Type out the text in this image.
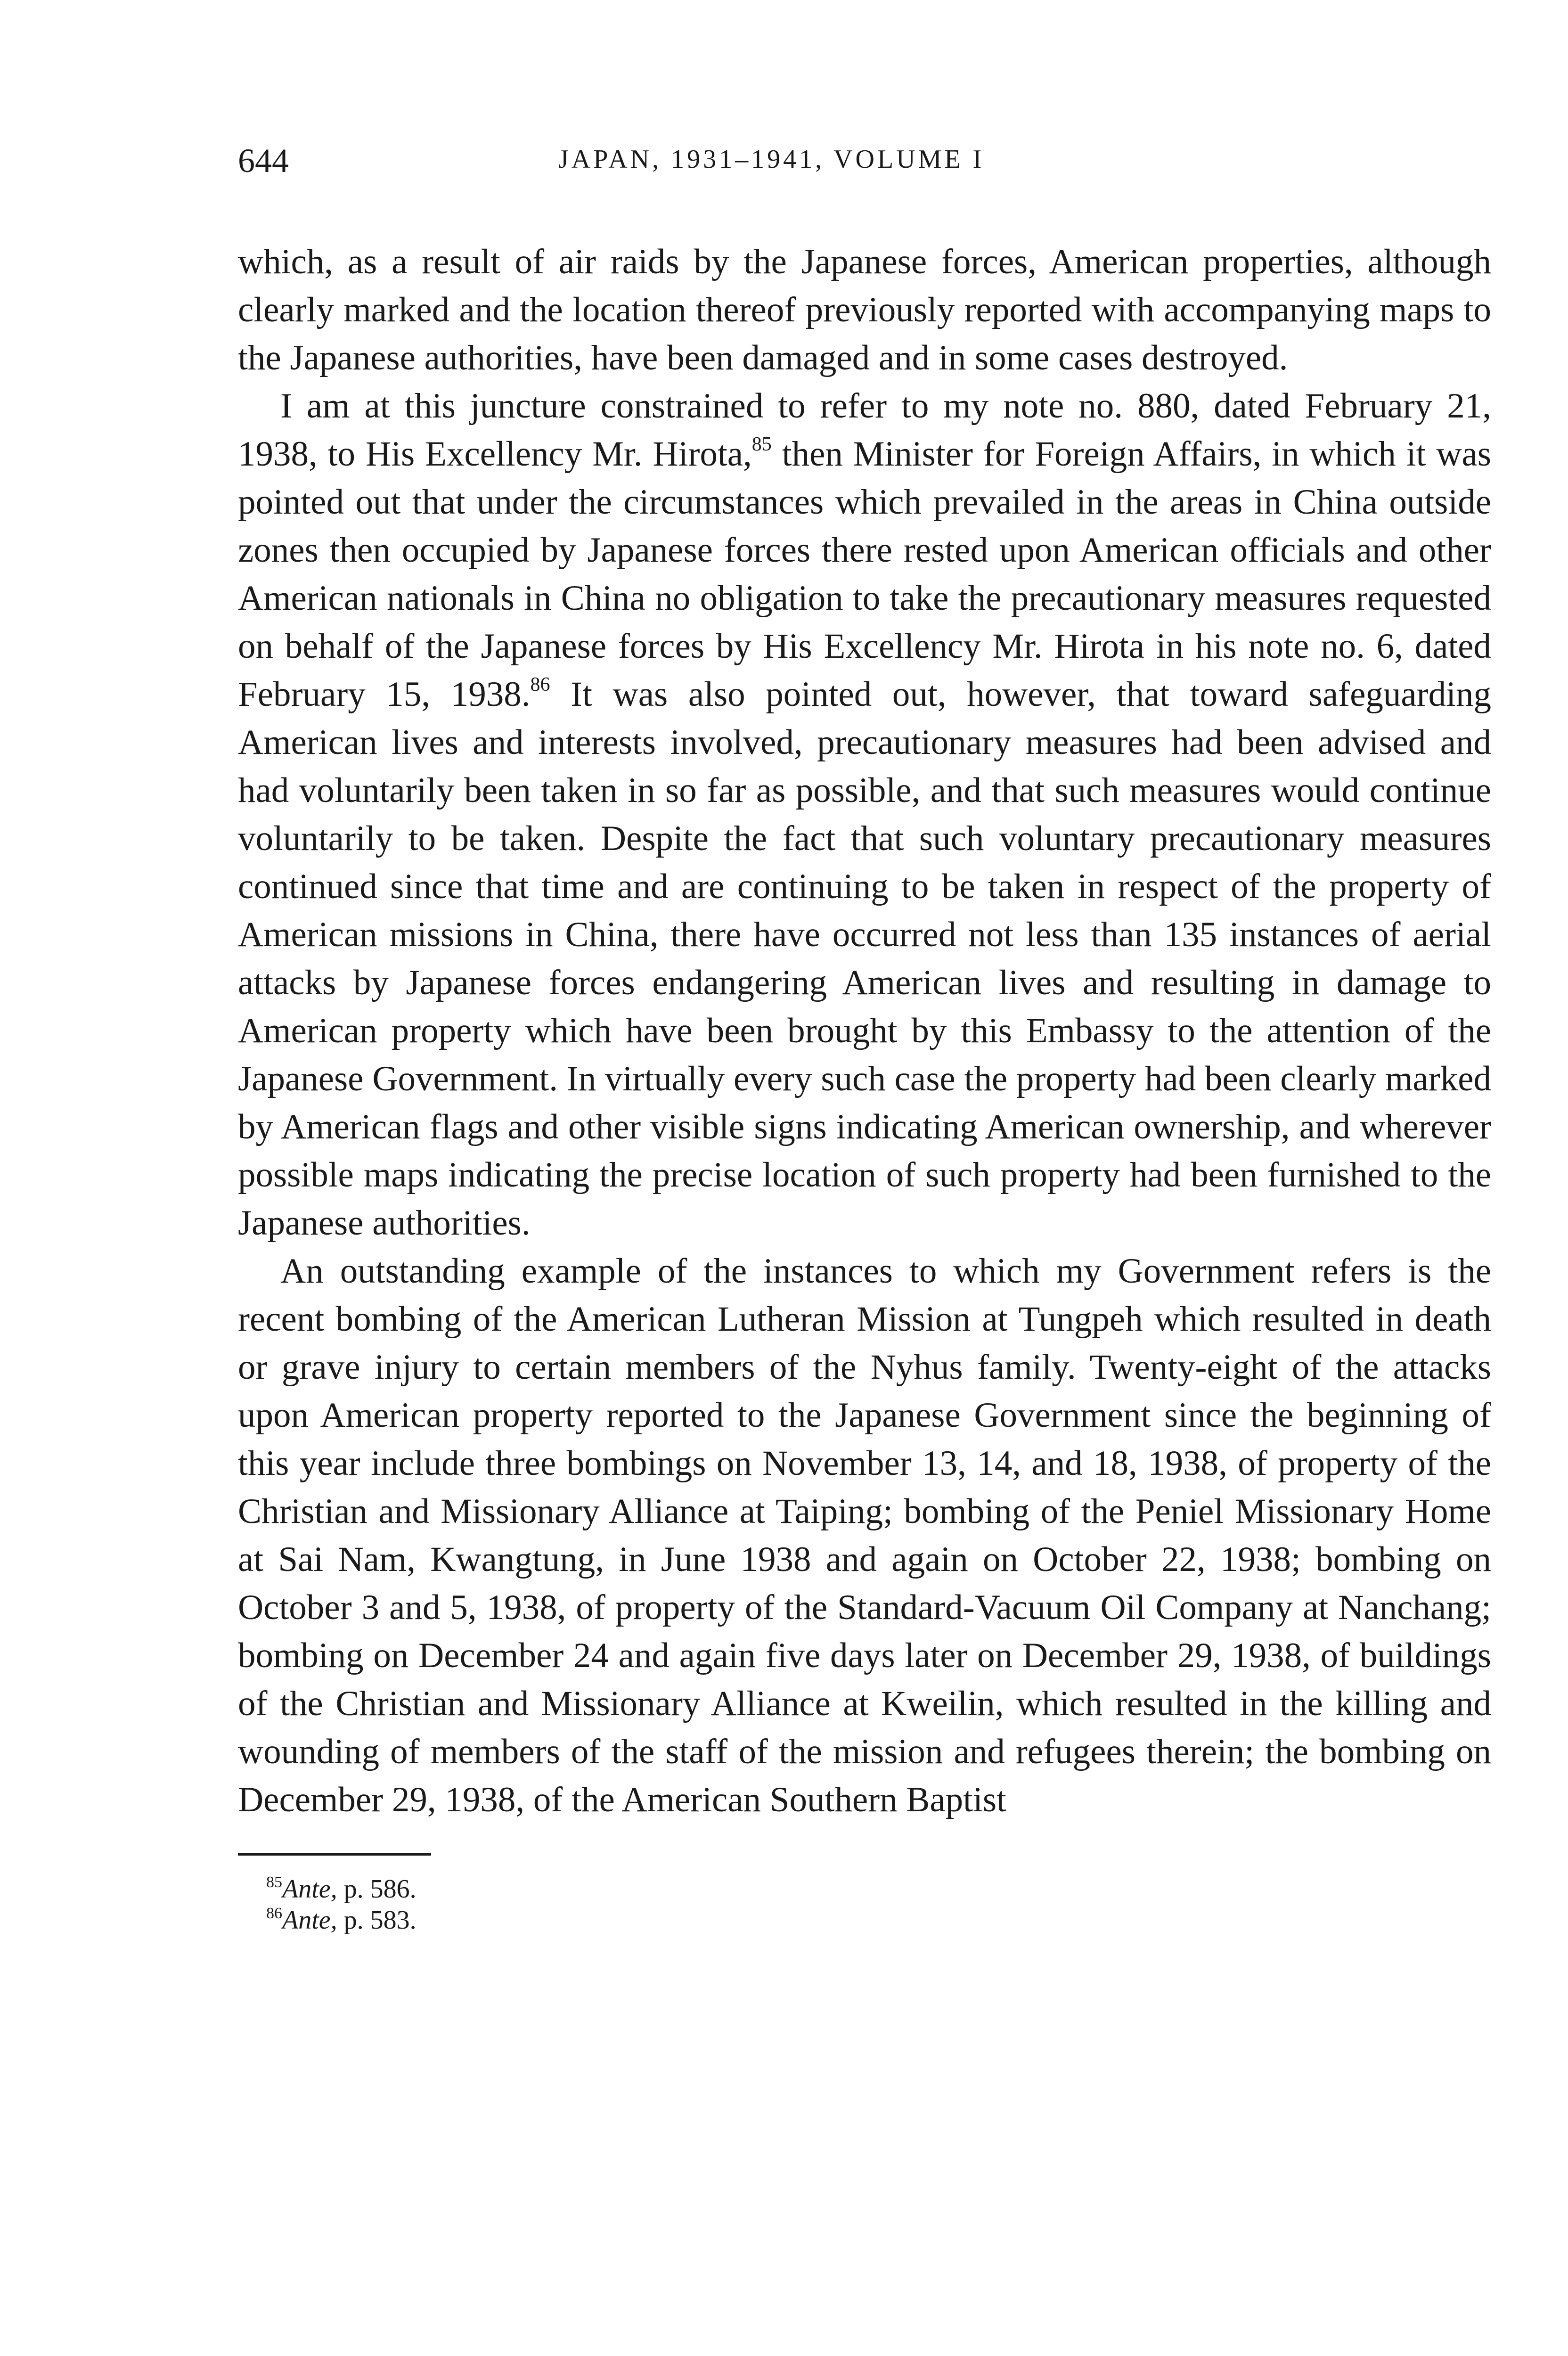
644	JAPAN, 1931–1941, VOLUME I

which, as a result of air raids by the Japanese forces, American properties, although clearly marked and the location thereof previously reported with accompanying maps to the Japanese authorities, have been damaged and in some cases destroyed.

I am at this juncture constrained to refer to my note no. 880, dated February 21, 1938, to His Excellency Mr. Hirota,$^{85}$ then Minister for Foreign Affairs, in which it was pointed out that under the circumstances which prevailed in the areas in China outside zones then occupied by Japanese forces there rested upon American officials and other American nationals in China no obligation to take the precautionary measures requested on behalf of the Japanese forces by His Excellency Mr. Hirota in his note no. 6, dated February 15, 1938.86 It was also pointed out, however, that toward safeguarding American lives and interests involved, precautionary measures had been advised and had voluntarily been taken in so far as possible, and that such measures would continue voluntarily to be taken. Despite the fact that such voluntary precautionary measures continued since that time and are continuing to be taken in respect of the property of American missions in China, there have occurred not less than 135 instances of aerial attacks by Japanese forces endangering American lives and resulting in damage to American property which have been brought by this Embassy to the attention of the Japanese Government. In virtually every such case the property had been clearly marked by American flags and other visible signs indicating American ownership, and wherever possible maps indicating the precise location of such property had been furnished to the Japanese authorities.

An outstanding example of the instances to which my Government refers is the recent bombing of the American Lutheran Mission at Tungpeh which resulted in death or grave injury to certain members of the Nyhus family. Twenty-eight of the attacks upon American property reported to the Japanese Government since the beginning of this year include three bombings on November 13, 14, and 18, 1938, of property of the Christian and Missionary Alliance at Taiping; bombing of the Peniel Missionary Home at Sai Nam, Kwangtung, in June 1938 and again on October 22, 1938; bombing on October 3 and 5, 1938, of property of the Standard-Vacuum Oil Company at Nanchang; bombing on December 24 and again five days later on December 29, 1938, of buildings of the Christian and Missionary Alliance at Kweilin, which resulted in the killing and wounding of members of the staff of the mission and refugees therein; the bombing on December 29, 1938, of the American Southern Baptist

$^{85}$Ante, p. 586.
$^{86}$Ante, p. 583.
